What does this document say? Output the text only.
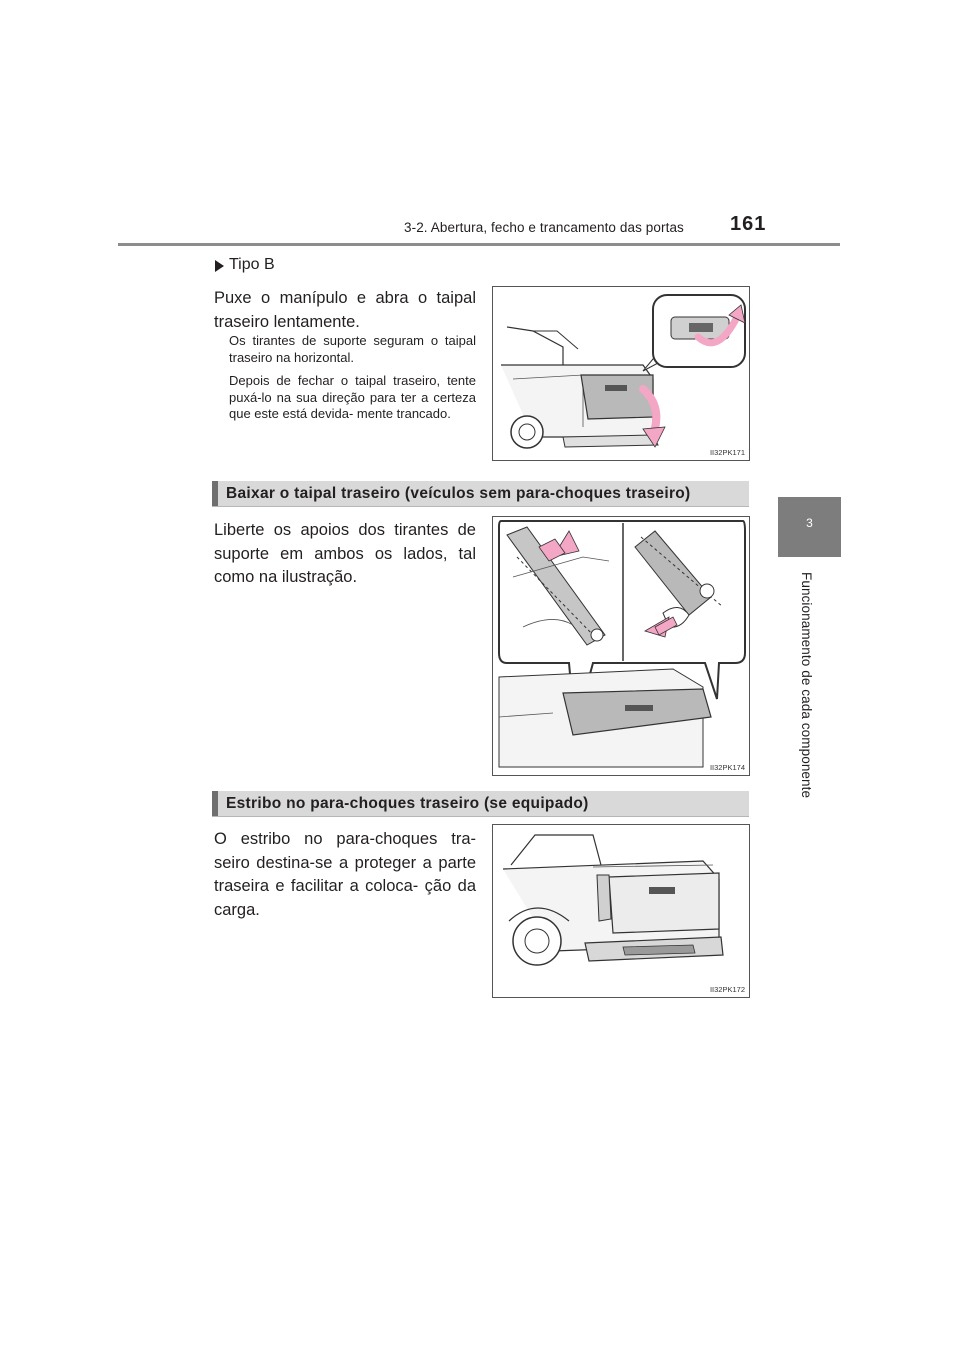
3-2. Abertura, fecho e trancamento das portas 161
3
Funcionamento de cada componente
Tipo B
Puxe o manípulo e abra o taipal traseiro lentamente.
Os tirantes de suporte seguram o taipal traseiro na horizontal.
Depois de fechar o taipal traseiro, tente puxá-lo na sua direção para ter a certeza que este está devida- mente trancado.
II32PK171
Baixar o taipal traseiro (veículos sem para-choques traseiro)
Liberte os apoios dos tirantes de suporte em ambos os lados, tal como na ilustração.
II32PK174
Estribo no para-choques traseiro (se equipado)
O estribo no para-choques tra- seiro destina-se a proteger a parte traseira e facilitar a coloca- ção da carga.
II32PK172
